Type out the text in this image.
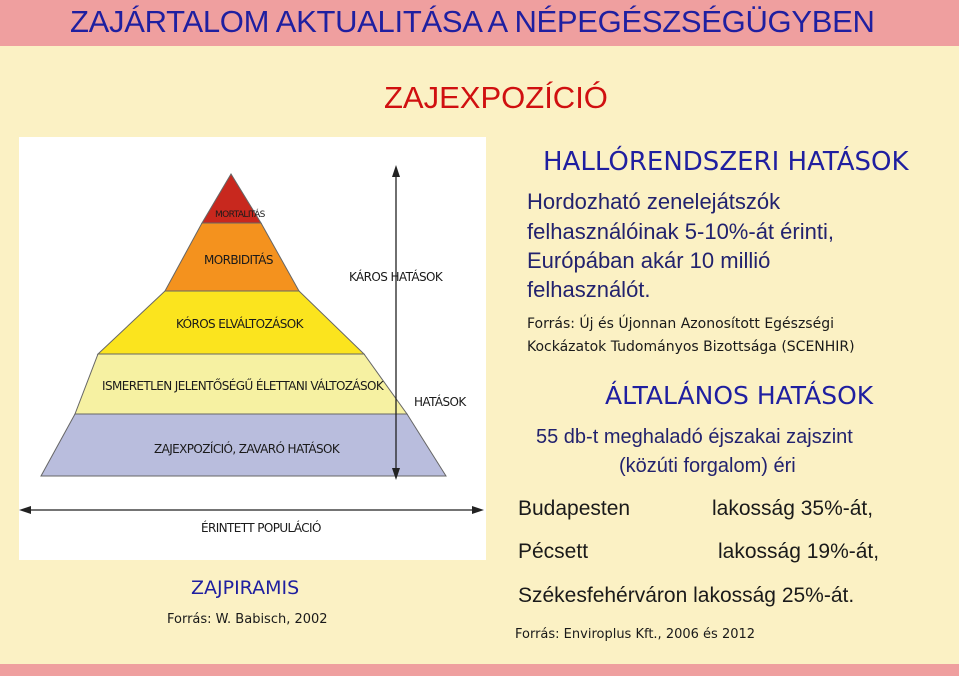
ZAJÁRTALOM AKTUALITÁSA A NÉPEGÉSZSÉGÜGYBEN
ZAJEXPOZÍCIÓ
MORTALITÁS
MORBIDITÁS
KÓROS ELVÁLTOZÁSOK
ISMERETLEN JELENTŐSÉGŰ ÉLETTANI VÁLTOZÁSOK
ZAJEXPOZÍCIÓ, ZAVARÓ HATÁSOK
KÁROS HATÁSOK
HATÁSOK
ÉRINTETT POPULÁCIÓ
ZAJPIRAMIS
Forrás: W. Babisch, 2002
HALLÓRENDSZERI HATÁSOK
Hordozható zenelejátszók
felhasználóinak 5-10%-át érinti,
Európában akár 10 millió
felhasználót.
Forrás: Új és Újonnan Azonosított Egészségi
Kockázatok Tudományos Bizottsága (SCENHIR)
ÁLTALÁNOS HATÁSOK
55 db-t meghaladó éjszakai zajszint
(közúti forgalom) éri
Budapesten	lakosság 35%-át,
Pécsett	lakosság 19%-át,
Székesfehérváron lakosság 25%-át.
Forrás: Enviroplus Kft., 2006 és 2012
